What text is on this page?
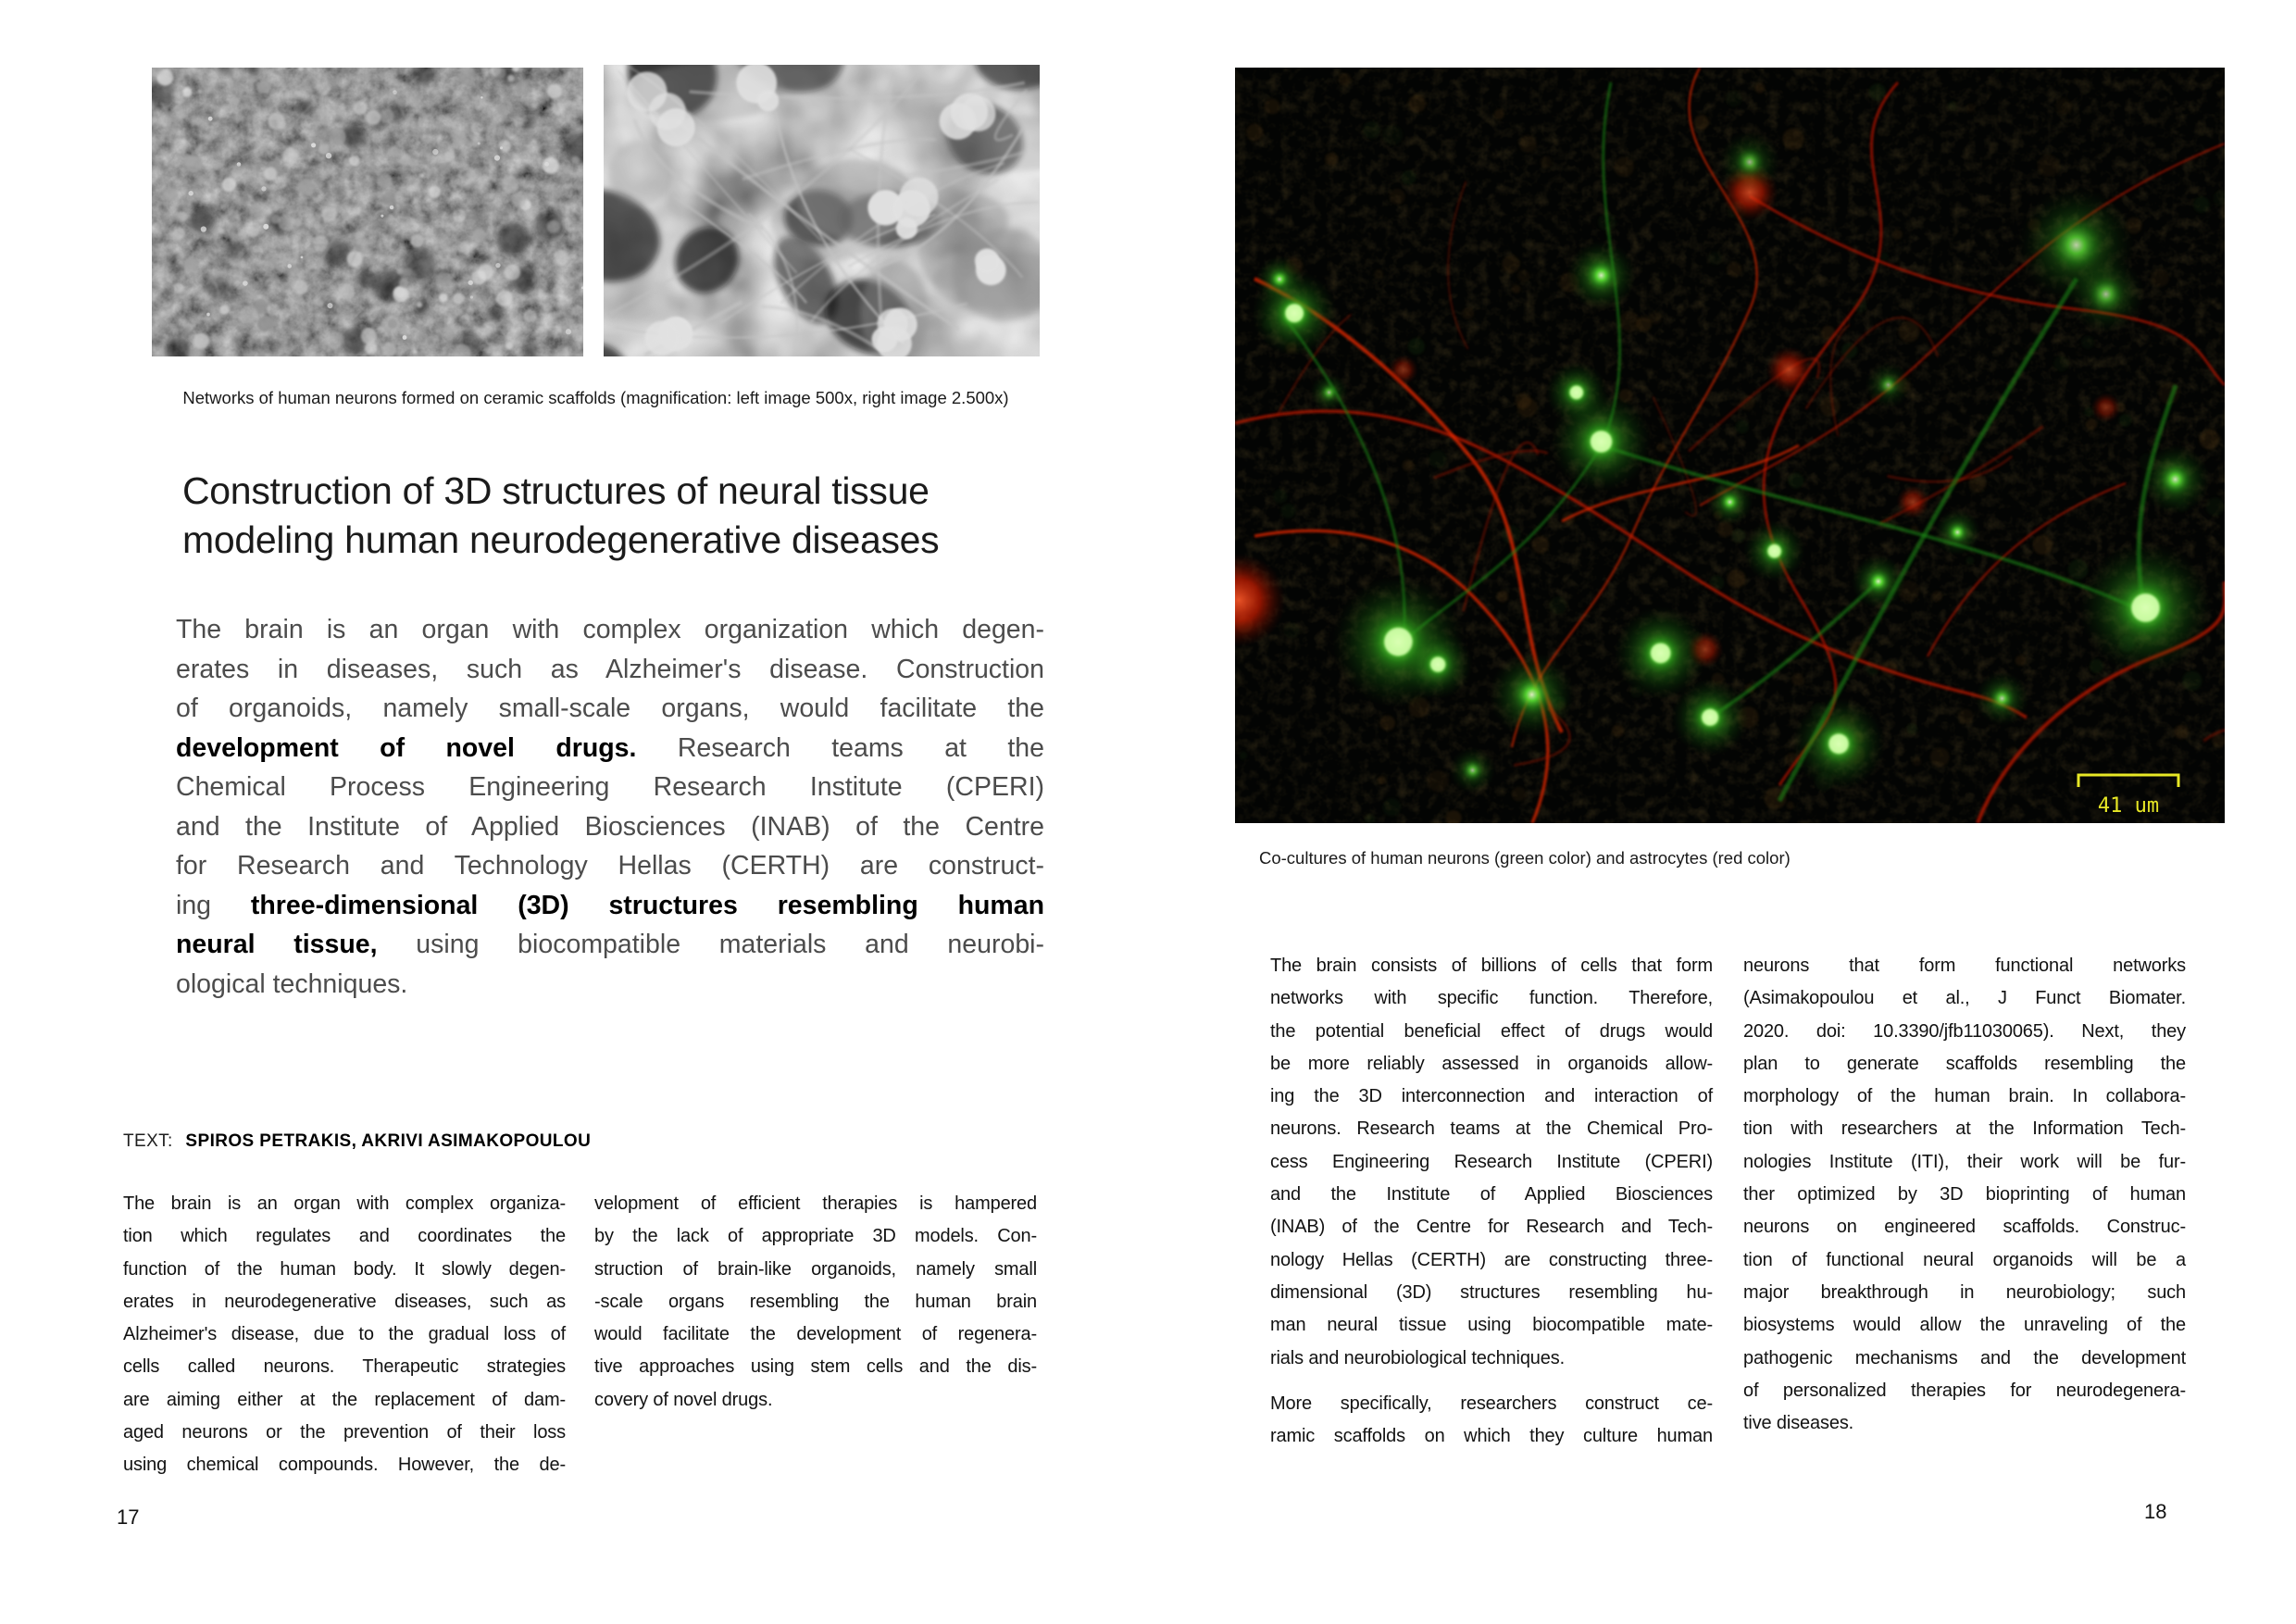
Networks of human neurons formed on ceramic scaffolds (magnification: left image 500x, right image 2.500x)
Construction of 3D structures of neural tissue
modeling human neurodegenerative diseases
The brain is an organ with complex organization which degen-
erates in diseases, such as Alzheimer's disease. Construction
of organoids, namely small-scale organs, would facilitate the
development of novel drugs. Research teams at the
Chemical Process Engineering Research Institute (CPERI)
and the Institute of Applied Biosciences (INAB) of the Centre
for Research and Technology Hellas (CERTH) are construct-
ing three-dimensional (3D) structures resembling human
neural tissue, using biocompatible materials and neurobi-
ological techniques.
TEXT: SPIROS PETRAKIS, AKRIVI ASIMAKOPOULOU
The brain is an organ with complex organiza-
tion which regulates and coordinates the
function of the human body. It slowly degen-
erates in neurodegenerative diseases, such as
Alzheimer's disease, due to the gradual loss of
cells called neurons. Therapeutic strategies
are aiming either at the replacement of dam-
aged neurons or the prevention of their loss
using chemical compounds. However, the de-
velopment of efficient therapies is hampered
by the lack of appropriate 3D models. Con-
struction of brain-like organoids, namely small
-scale organs resembling the human brain
would facilitate the development of regenera-
tive approaches using stem cells and the dis-
covery of novel drugs.
17
41 um
Co-cultures of human neurons (green color) and astrocytes (red color)
The brain consists of billions of cells that form
networks with specific function. Therefore,
the potential beneficial effect of drugs would
be more reliably assessed in organoids allow-
ing the 3D interconnection and interaction of
neurons. Research teams at the Chemical Pro-
cess Engineering Research Institute (CPERI)
and the Institute of Applied Biosciences
(INAB) of the Centre for Research and Tech-
nology Hellas (CERTH) are constructing three-
dimensional (3D) structures resembling hu-
man neural tissue using biocompatible mate-
rials and neurobiological techniques.
More specifically, researchers construct ce-
ramic scaffolds on which they culture human
neurons that form functional networks
(Asimakopoulou et al., J Funct Biomater.
2020. doi: 10.3390/jfb11030065). Next, they
plan to generate scaffolds resembling the
morphology of the human brain. In collabora-
tion with researchers at the Information Tech-
nologies Institute (ITI), their work will be fur-
ther optimized by 3D bioprinting of human
neurons on engineered scaffolds. Construc-
tion of functional neural organoids will be a
major breakthrough in neurobiology; such
biosystems would allow the unraveling of the
pathogenic mechanisms and the development
of personalized therapies for neurodegenera-
tive diseases.
18
